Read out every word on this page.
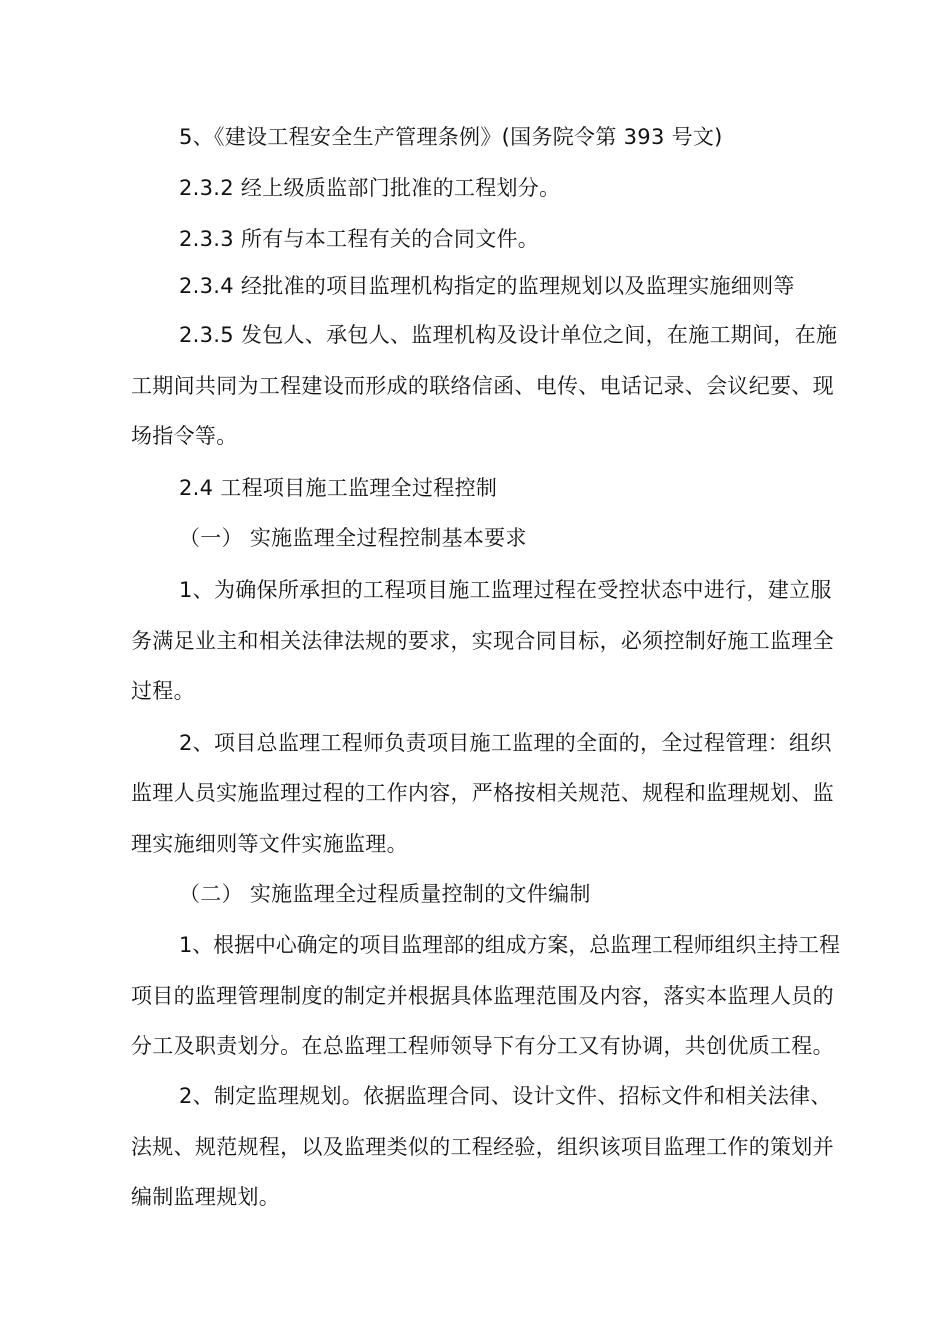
5、《建设工程安全生产管理条例》(国务院令第 393 号文)
2.3.2 经上级质监部门批准的工程划分。
2.3.3 所有与本工程有关的合同文件。
2.3.4 经批准的项目监理机构指定的监理规划以及监理实施细则等
2.3.5 发包人、承包人、监理机构及设计单位之间，在施工期间，在施
工期间共同为工程建设而形成的联络信函、电传、电话记录、会议纪要、现
场指令等。
2.4 工程项目施工监理全过程控制
（一） 实施监理全过程控制基本要求
1、为确保所承担的工程项目施工监理过程在受控状态中进行，建立服
务满足业主和相关法律法规的要求，实现合同目标，必须控制好施工监理全
过程。
2、项目总监理工程师负责项目施工监理的全面的，全过程管理：组织
监理人员实施监理过程的工作内容，严格按相关规范、规程和监理规划、监
理实施细则等文件实施监理。
（二） 实施监理全过程质量控制的文件编制
1、根据中心确定的项目监理部的组成方案，总监理工程师组织主持工程
项目的监理管理制度的制定并根据具体监理范围及内容，落实本监理人员的
分工及职责划分。在总监理工程师领导下有分工又有协调，共创优质工程。
2、制定监理规划。依据监理合同、设计文件、招标文件和相关法律、
法规、规范规程，以及监理类似的工程经验，组织该项目监理工作的策划并
编制监理规划。
